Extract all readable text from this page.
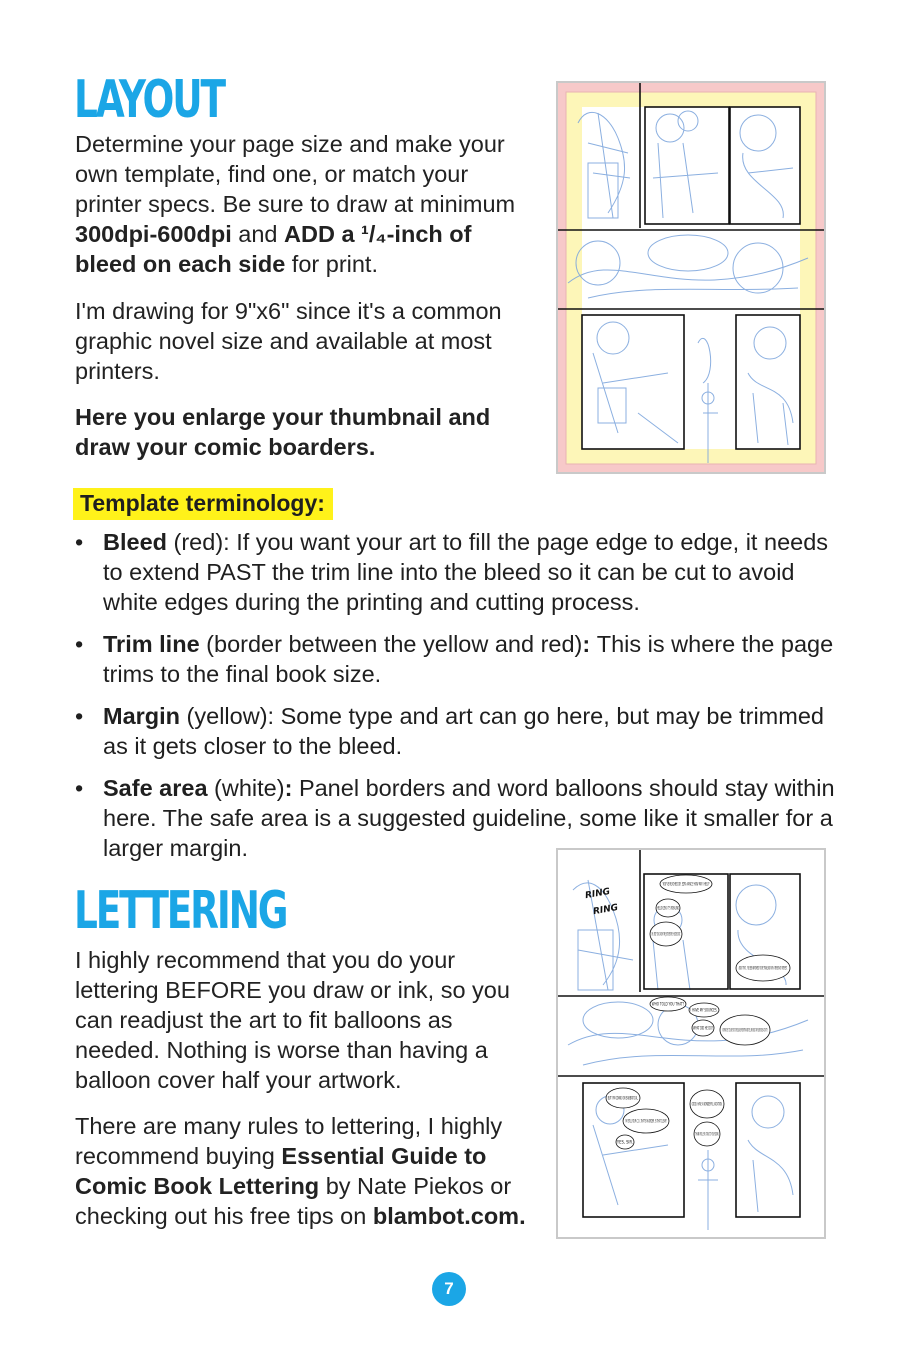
LAYOUT

Determine your page size and make your own template, find one, or match your printer specs. Be sure to draw at minimum 300dpi-600dpi and ADD a ¹/₄-inch of bleed on each side for print.

I'm drawing for 9"x6" since it's a common graphic novel size and available at most printers.

Here you enlarge your thumbnail and draw your comic boarders.

Template terminology:
• Bleed (red): If you want your art to fill the page edge to edge, it needs to extend PAST the trim line into the bleed so it can be cut to avoid white edges during the printing and cutting process.
• Trim line (border between the yellow and red): This is where the page trims to the final book size.
• Margin (yellow): Some type and art can go here, but may be trimmed as it gets closer to the bleed.
• Safe area (white): Panel borders and word balloons should stay within here. The safe area is a suggested guideline, some like it smaller for a larger margin.
LETTERING

I highly recommend that you do your lettering BEFORE you draw or ink, so you can readjust the art to fit balloons as needed. Nothing is worse than having a balloon cover half your artwork.

There are many rules to lettering, I highly recommend buying Essential Guide to Comic Book Lettering by Nate Piekos or checking out his free tips on blambot.com.

RING
RING
YOU'VE REACHED DR. EZRA VANCE! HOW MAY I HELP?
HELLO EZRA, IT'S ROSALIND
OH, ROZ! YOU CAUGHT ME JUST BEFORE I HEADED OUT.
ABOUT THAT... I'VE BEEN INFORMED YOU'RE TRAVELING WITH A PERSON OF INTEREST.
WHO TOLD YOU THAT?
I HAVE MY SOURCES.
WHAT DID HE DO? NOTHING YET. I'D LIKE YOU TO REGULARLY REPORT IN AND TELL ME ABOUT ANY SUSPICIOUS ACTIVITY.
BUT I'M GOING ON SABBATICAL.
I'M STILL YOUR C.O., THAT'S AN ORDER. IS THAT CLEAR?
YES, SIR.
GOOD. HAVE A WONDERFUL VACATION.
THANK YOU, SIR. TALK TO YOU SOON.
7
